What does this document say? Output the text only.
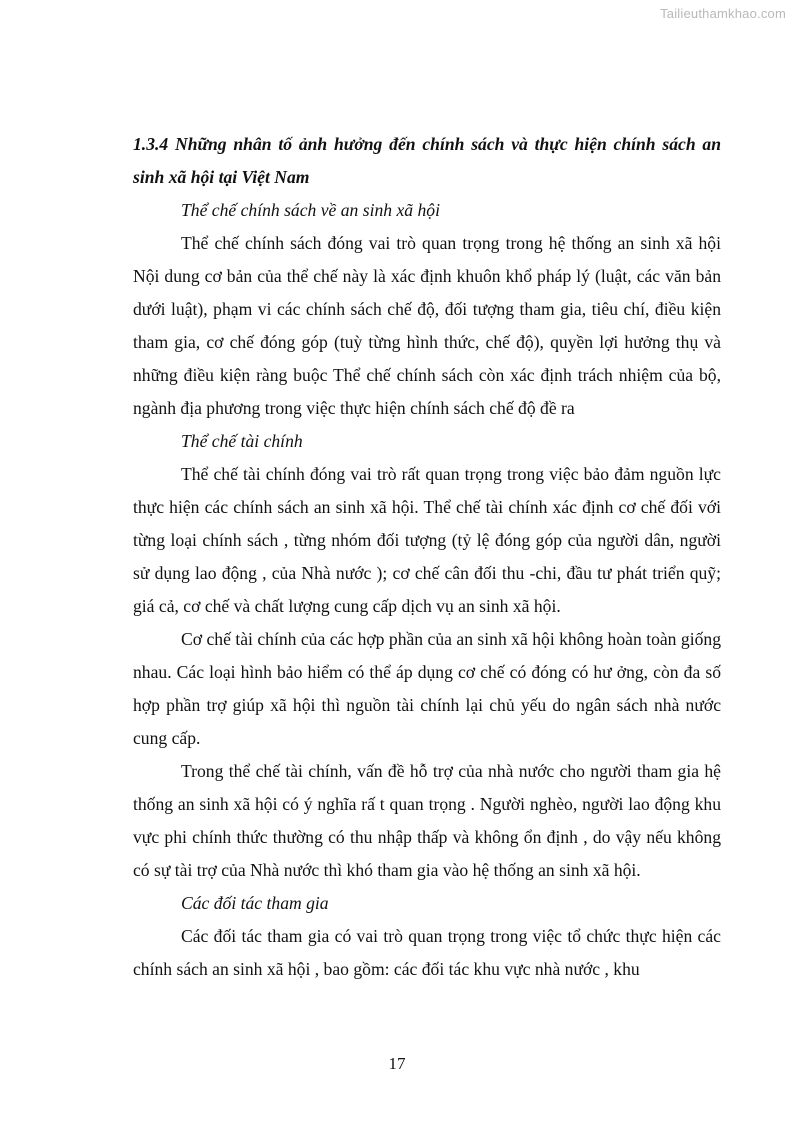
Tailieuthamkhao.com

1.3.4 Những nhân tố ảnh hưởng đến chính sách và thực hiện chính sách an sinh xã hội tại Việt Nam

Thể chế chính sách về an sinh xã hội

Thể chế chính sách đóng vai trò quan trọng trong hệ thống an sinh xã hội Nội dung cơ bản của thể chế này là xác định khuôn khổ pháp lý (luật, các văn bản dưới luật), phạm vi các chính sách chế độ, đối tượng tham gia, tiêu chí, điều kiện tham gia, cơ chế đóng góp (tuỳ từng hình thức, chế độ), quyền lợi hưởng thụ và những điều kiện ràng buộc Thể chế chính sách còn xác định trách nhiệm của bộ, ngành địa phương trong việc thực hiện chính sách chế độ đề ra

Thể chế tài chính

Thể chế tài chính đóng vai trò rất quan trọng trong việc bảo đảm nguồn lực thực hiện các chính sách an sinh xã hội. Thể chế tài chính xác định cơ chế đối với từng loại chính sách , từng nhóm đối tượng (tỷ lệ đóng góp của người dân, người sử dụng lao động , của Nhà nước ); cơ chế cân đối thu -chi, đầu tư phát triển quỹ; giá cả, cơ chế và chất lượng cung cấp dịch vụ an sinh xã hội.

Cơ chế tài chính của các hợp phần của an sinh xã hội không hoàn toàn giống nhau. Các loại hình bảo hiểm có thể áp dụng cơ chế có đóng có hư ởng, còn đa số hợp phần trợ giúp xã hội thì nguồn tài chính lại chủ yếu do ngân sách nhà nước cung cấp.

Trong thể chế tài chính, vấn đề hỗ trợ của nhà nước cho người tham gia hệ thống an sinh xã hội có ý nghĩa rấ t quan trọng . Người nghèo, người lao động khu vực phi chính thức thường có thu nhập thấp và không ổn định , do vậy nếu không có sự tài trợ của Nhà nước thì khó tham gia vào hệ thống an sinh xã hội.

Các đối tác tham gia

Các đối tác tham gia có vai trò quan trọng trong việc tổ chức thực hiện các chính sách an sinh xã hội , bao gồm: các đối tác khu vực nhà nước , khu

17
